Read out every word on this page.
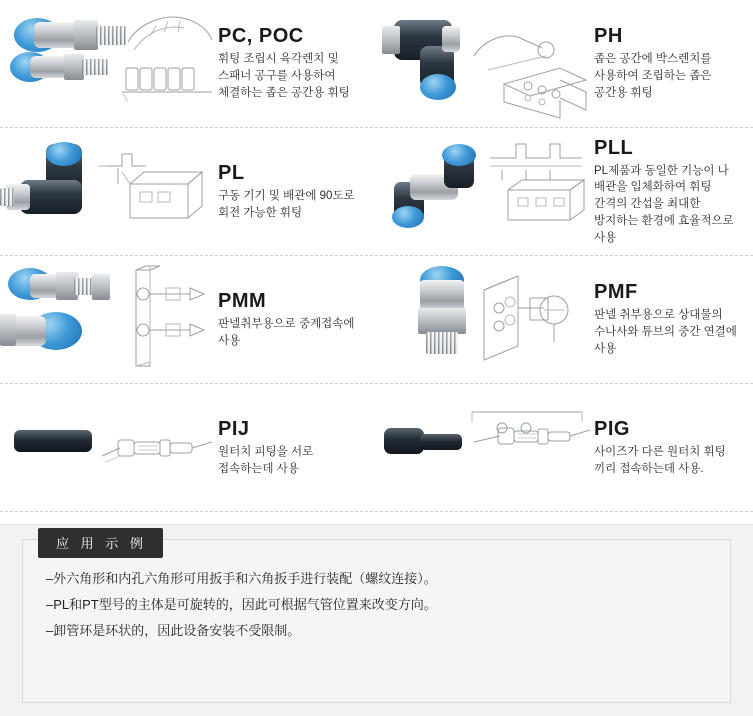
PC, POC
휘팅 조립시 육각렌치 및 스패너 공구를 사용하여 체결하는 좁은 공간용 휘팅
PH
좁은 공간에 박스렌치를 사용하여 조립하는 좁은 공간용 휘팅
PL
구동 기기 및 배관에 90도로 회전 가능한 휘팅
PLL
PL제품과 동일한 기능이 나 배관을 입체화하여 휘팅 간격의 간섭을 최대한 방지하는 환경에 효율적으로 사용
PMM
판넬취부용으로 중계접속에 사용
PMF
판넬 취부용으로 상대물의 수나사와 튜브의 중간 연결에 사용
PIJ
원터치 피팅을 서로 접속하는데 사용
PIG
사이즈가 다른 원터치 휘팅 끼리 접속하는데 사용.
应 用 示 例
–外六角形和内孔六角形可用扳手和六角扳手进行装配（螺纹连接）。
–PL和PT型号的主体是可旋转的，因此可根据气管位置来改变方向。
–卸管环是环状的，因此设备安装不受限制。
